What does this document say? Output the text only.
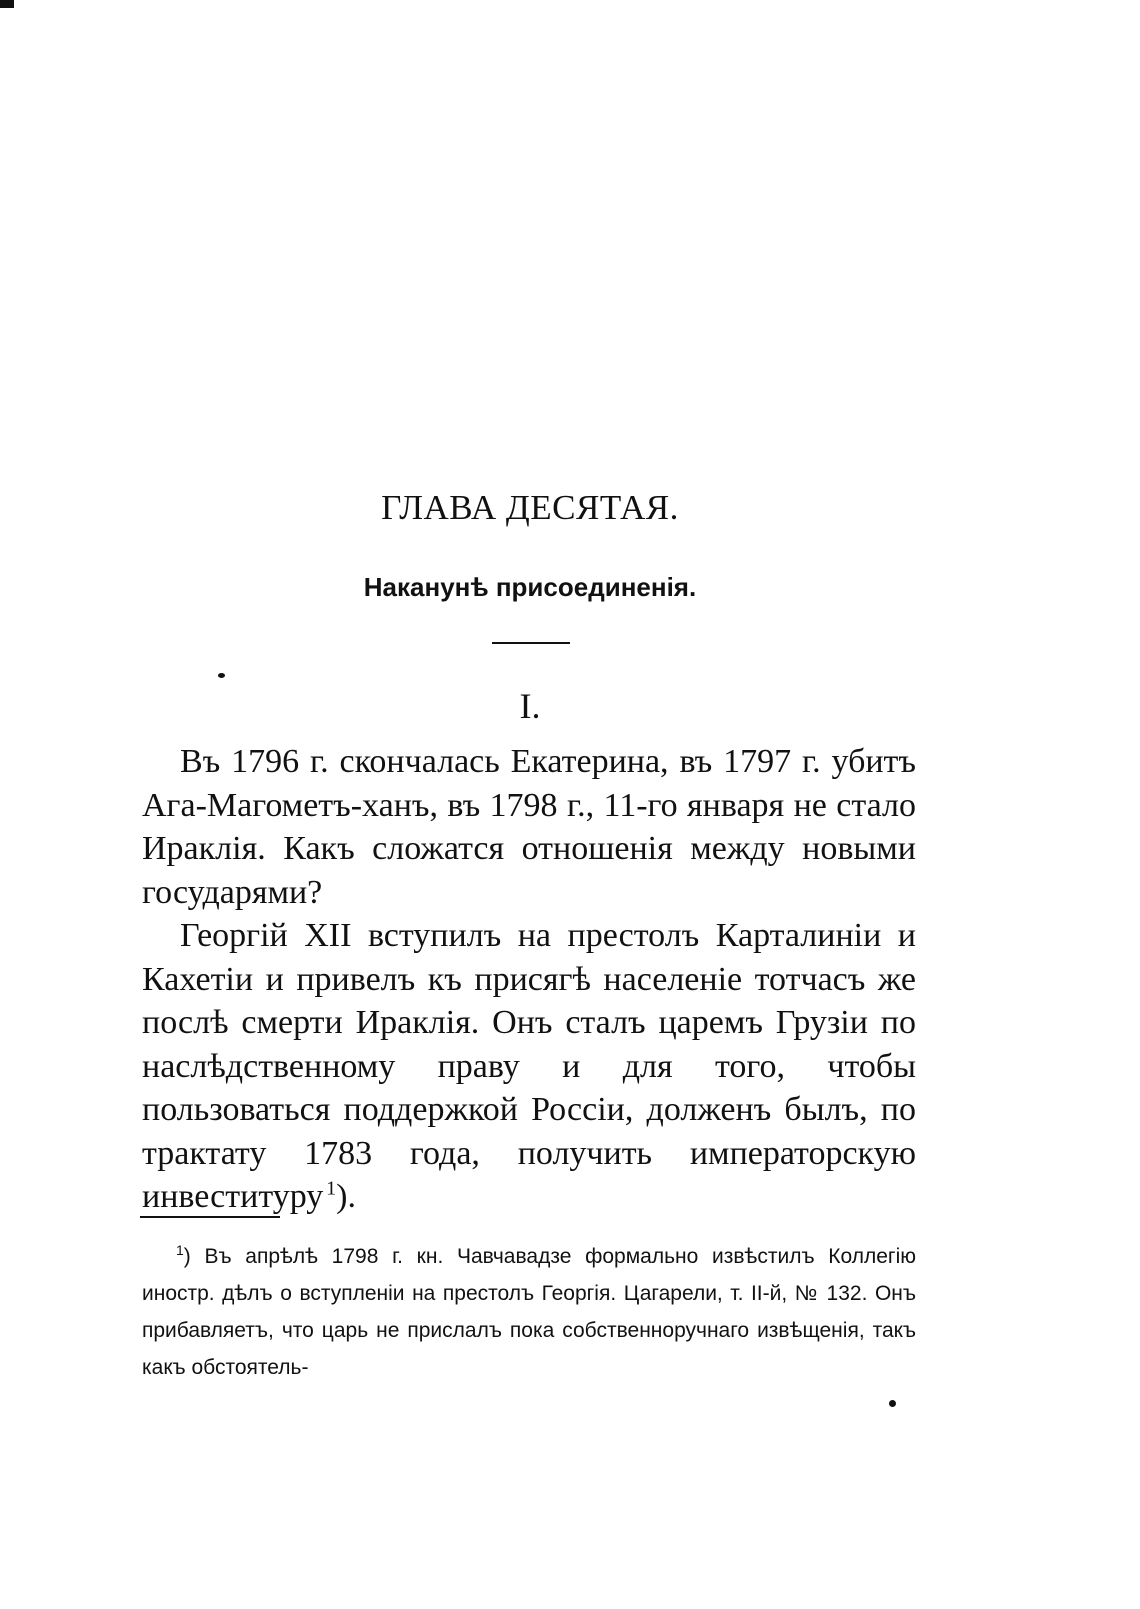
ГЛАВА ДЕСЯТАЯ.
Наканунѣ присоединенія.
I.

Въ 1796 г. скончалась Екатерина, въ 1797 г. убитъ Ага-Магометъ-ханъ, въ 1798 г., 11-го января не стало Ираклія. Какъ сложатся отношенія между новыми государями?

Георгій XII вступилъ на престолъ Карталиніи и Кахетіи и привелъ къ присягѣ населеніе тотчасъ же послѣ смерти Ираклія. Онъ сталъ царемъ Грузіи по наслѣдственному праву и для того, чтобы пользоваться поддержкой Россіи, долженъ былъ, по трактату 1783 года, получить императорскую инвеституру  $^1$).

$^1$) Въ апрѣлѣ 1798 г. кн. Чавчавадзе формально извѣстилъ Коллегію иностр. дѣлъ о вступленіи на престолъ Георгія. Цагарели, т. II-й, № 132. Онъ прибавляетъ, что царь не прислалъ пока собственноручнаго извѣщенія, такъ какъ обстоятель-
